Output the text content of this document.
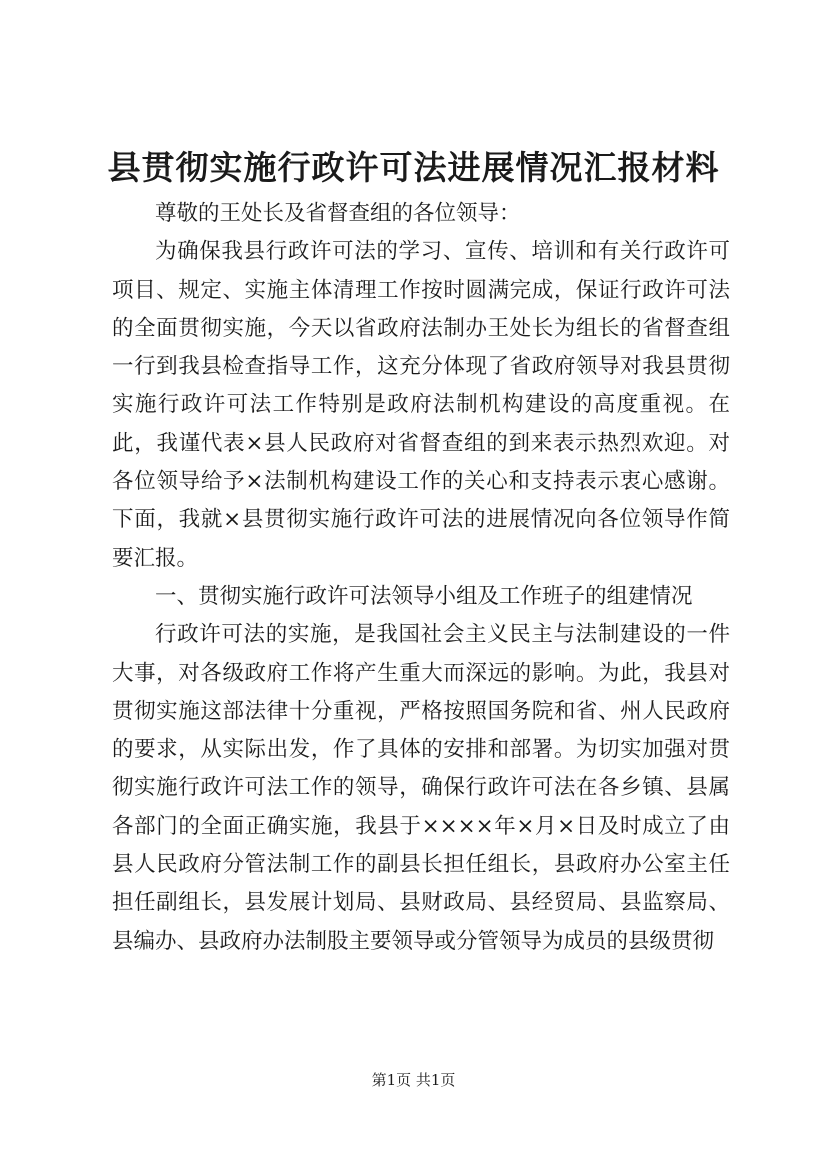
县贯彻实施行政许可法进展情况汇报材料

尊敬的王处长及省督查组的各位领导：

为确保我县行政许可法的学习、宣传、培训和有关行政许可项目、规定、实施主体清理工作按时圆满完成，保证行政许可法的全面贯彻实施，今天以省政府法制办王处长为组长的省督查组一行到我县检查指导工作，这充分体现了省政府领导对我县贯彻实施行政许可法工作特别是政府法制机构建设的高度重视。在此，我谨代表×县人民政府对省督查组的到来表示热烈欢迎。对各位领导给予×法制机构建设工作的关心和支持表示衷心感谢。下面，我就×县贯彻实施行政许可法的进展情况向各位领导作简要汇报。

一、贯彻实施行政许可法领导小组及工作班子的组建情况

行政许可法的实施，是我国社会主义民主与法制建设的一件大事，对各级政府工作将产生重大而深远的影响。为此，我县对贯彻实施这部法律十分重视，严格按照国务院和省、州人民政府的要求，从实际出发，作了具体的安排和部署。为切实加强对贯彻实施行政许可法工作的领导，确保行政许可法在各乡镇、县属各部门的全面正确实施，我县于××××年×月×日及时成立了由县人民政府分管法制工作的副县长担任组长，县政府办公室主任担任副组长，县发展计划局、县财政局、县经贸局、县监察局、县编办、县政府办法制股主要领导或分管领导为成员的县级贯彻

第1页 共1页
